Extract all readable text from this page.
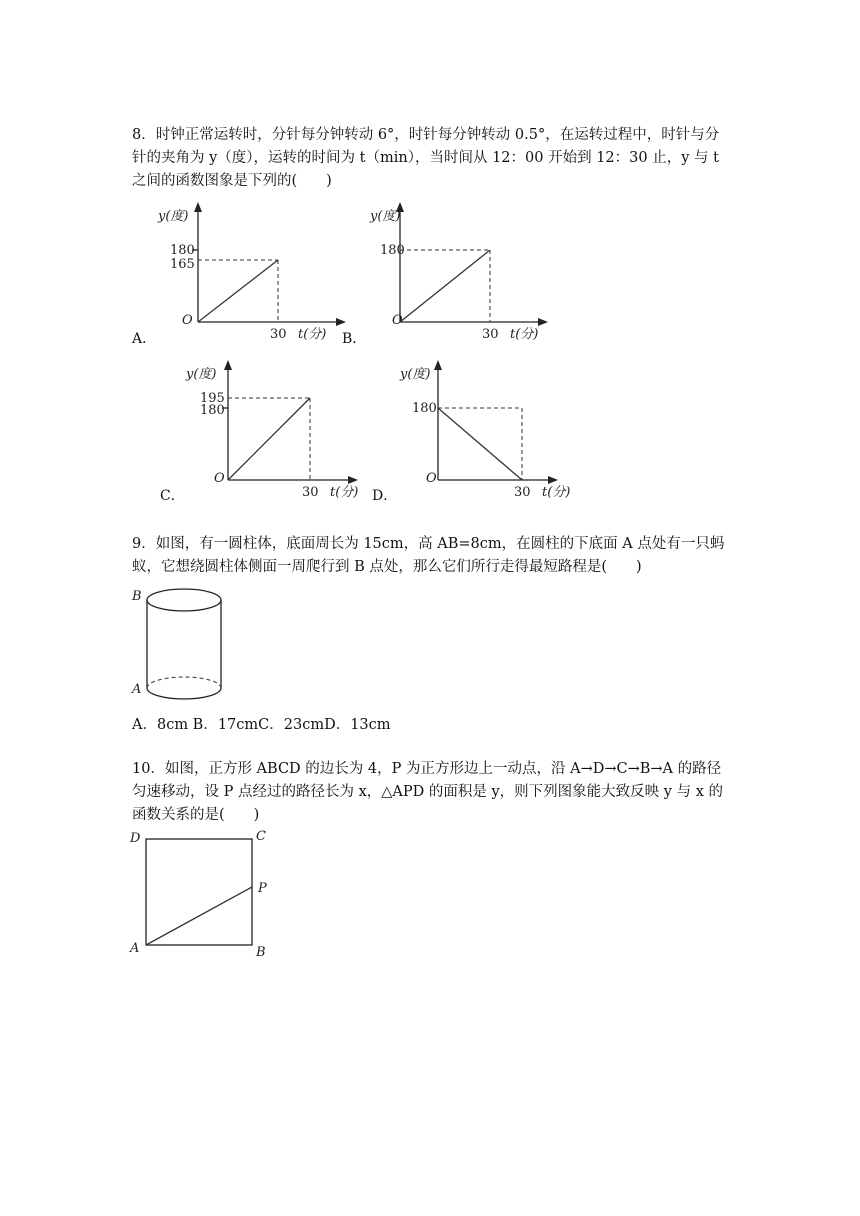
8．时钟正常运转时，分针每分钟转动 6°，时针每分钟转动 0.5°，在运转过程中，时针与分针的夹角为 y（度），运转的时间为 t（min），当时间从 12：00 开始到 12：30 止，y 与 t 之间的函数图象是下列的(　　)
y(度)
180
165
O
30 t(分)
A．
y(度)
180
O
30 t(分)
B．
y(度)
195
180
O
30 t(分)
C．
y(度)
180
O
30 t(分)
D．
9．如图，有一圆柱体，底面周长为 15cm，高 AB=8cm，在圆柱的下底面 A 点处有一只蚂蚁，它想绕圆柱体侧面一周爬行到 B 点处，那么它们所行走得最短路程是(　　)
B
A
A．8cm B．17cmC．23cmD．13cm
10．如图，正方形 ABCD 的边长为 4，P 为正方形边上一动点，沿 A→D→C→B→A 的路径匀速移动，设 P 点经过的路径长为 x，△APD 的面积是 y，则下列图象能大致反映 y 与 x 的函数关系的是(　　)
D	C
P
A	B
